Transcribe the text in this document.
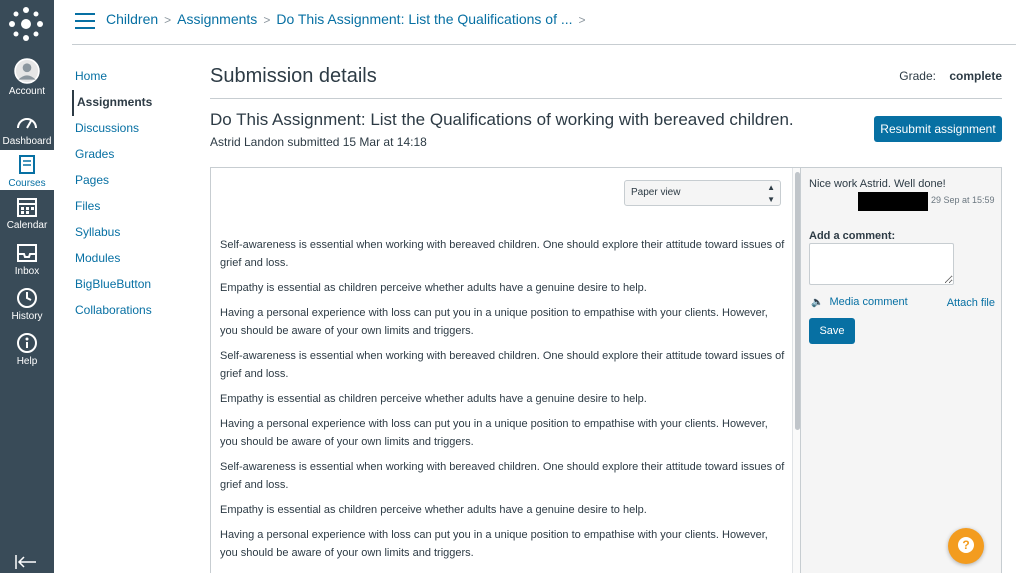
Account
Dashboard
Courses
Calendar
Inbox
History
Help
Children > Assignments > Do This Assignment: List the Qualifications of ... >
Home
Assignments
Discussions
Grades
Pages
Files
Syllabus
Modules
BigBlueButton
Collaborations
Submission details	Grade: complete
Do This Assignment: List the Qualifications of working with bereaved children.
Astrid Landon submitted 15 Mar at 14:18
Resubmit assignment
Paper view	▲
▼

Self-awareness is essential when working with bereaved children. One should explore their attitude toward issues of grief and loss.

Empathy is essential as children perceive whether adults have a genuine desire to help.

Having a personal experience with loss can put you in a unique position to empathise with your clients. However, you should be aware of your own limits and triggers.

Self-awareness is essential when working with bereaved children. One should explore their attitude toward issues of grief and loss.

Empathy is essential as children perceive whether adults have a genuine desire to help.

Having a personal experience with loss can put you in a unique position to empathise with your clients. However, you should be aware of your own limits and triggers.

Self-awareness is essential when working with bereaved children. One should explore their attitude toward issues of grief and loss.

Empathy is essential as children perceive whether adults have a genuine desire to help.

Having a personal experience with loss can put you in a unique position to empathise with your clients. However, you should be aware of your own limits and triggers.

Nice work Astrid. Well done!
29 Sep at 15:59
Add a comment:
🔈 Media comment	Attach file
Save
?
